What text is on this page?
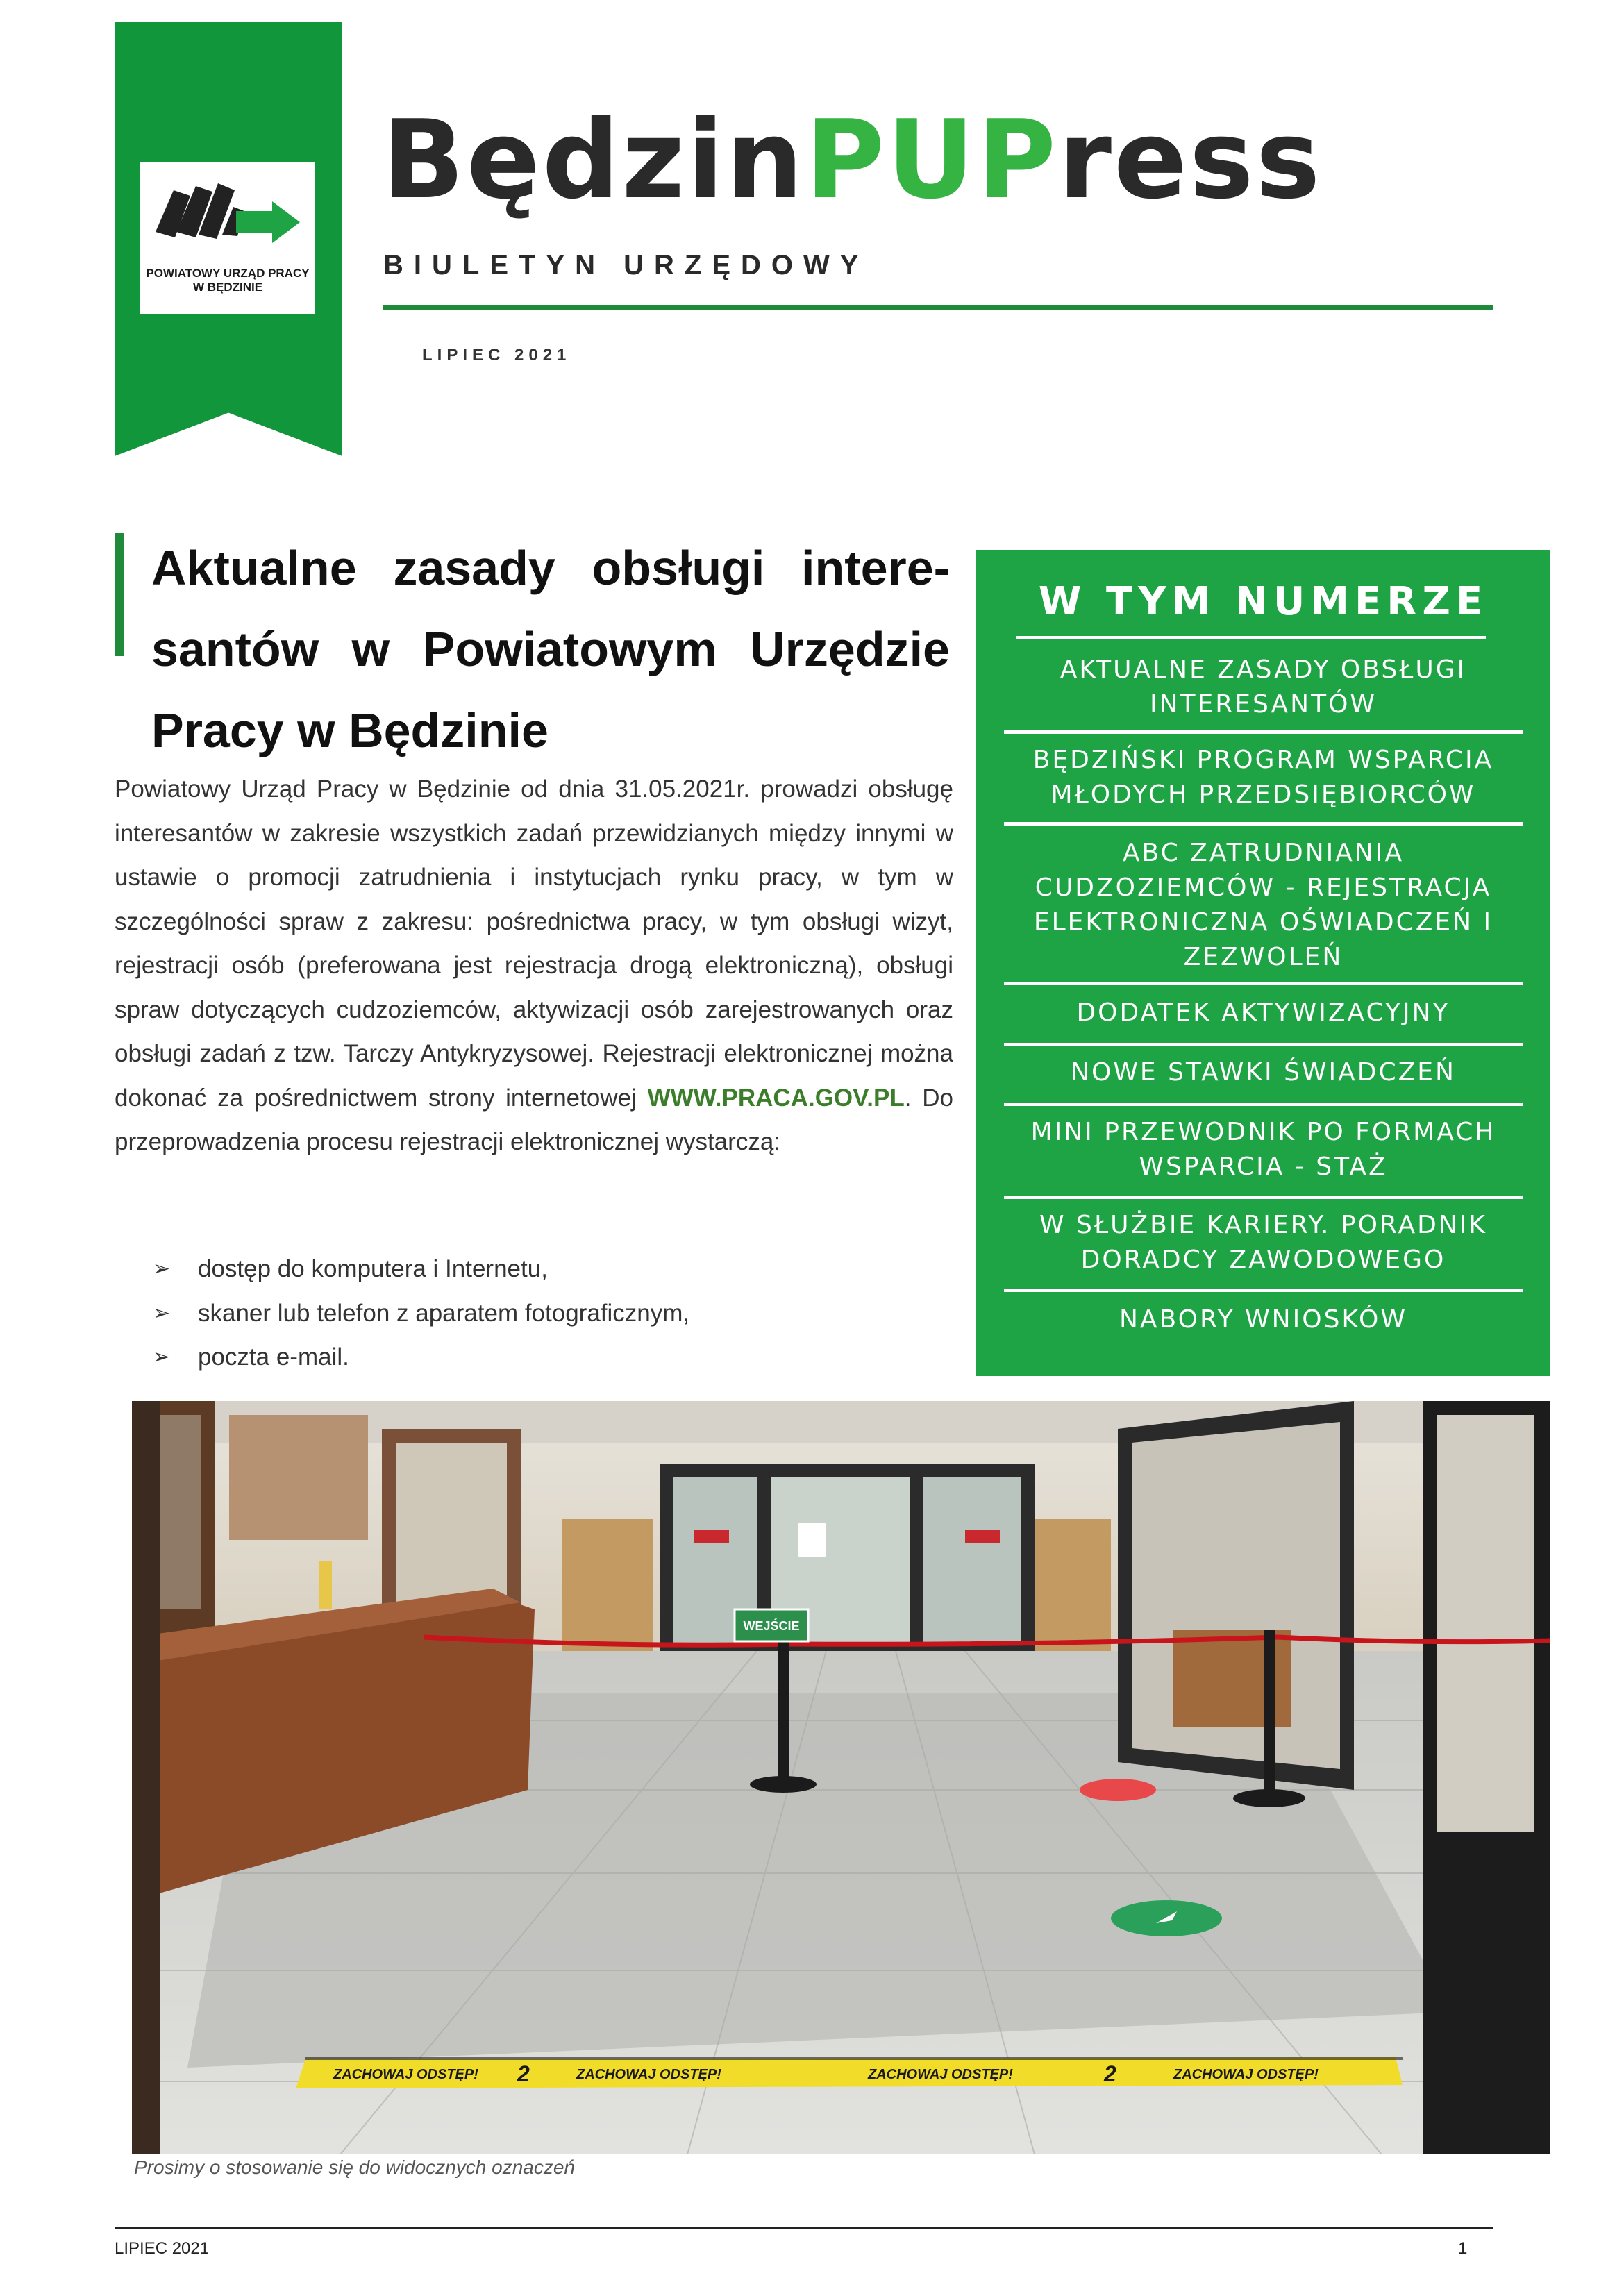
POWIATOWY URZĄD PRACY
W BĘDZINIE
BędzinPUPress
BIULETYN URZĘDOWY
LIPIEC 2021
Aktualne zasady obsługi intere-santów w Powiatowym Urzędzie Pracy w Będzinie

Powiatowy Urząd Pracy w Będzinie od dnia 31.05.2021r. prowadzi obsługę interesantów w zakresie wszystkich zadań przewidzianych między innymi w ustawie o promocji zatrudnienia i instytucjach rynku pracy, w tym w szczególności spraw z zakresu: pośrednictwa pracy, w tym obsługi wizyt, rejestracji osób (preferowana jest rejestracja drogą elektroniczną), obsługi spraw dotyczących cudzoziemców, aktywizacji osób zarejestrowanych oraz obsługi zadań z tzw. Tarczy Antykryzysowej. Rejestracji elektronicznej można dokonać za pośrednictwem strony internetowej WWW.PRACA.GOV.PL. Do przeprowadzenia procesu rejestracji elektronicznej wystarczą:

➢	dostęp do komputera i Internetu,
➢	skaner lub telefon z aparatem fotograficznym,
➢	poczta e-mail.
W TYM NUMERZE
AKTUALNE ZASADY OBSŁUGI INTERESANTÓW
BĘDZIŃSKI PROGRAM WSPARCIA MŁODYCH PRZEDSIĘBIORCÓW
ABC ZATRUDNIANIA CUDZOZIEMCÓW - REJESTRACJA ELEKTRONICZNA OŚWIADCZEŃ I ZEZWOLEŃ
DODATEK AKTYWIZACYJNY
NOWE STAWKI ŚWIADCZEŃ
MINI PRZEWODNIK PO FORMACH WSPARCIA - STAŻ
W SŁUŻBIE KARIERY. PORADNIK DORADCY ZAWODOWEGO
NABORY WNIOSKÓW
WEJŚCIE
ZACHOWAJ ODSTĘP! 2	ZACHOWAJ ODSTĘP!	ZACHOWAJ ODSTĘP!	2	ZACHOWAJ ODSTĘP!
Prosimy o stosowanie się do widocznych oznaczeń
LIPIEC 2021	1
